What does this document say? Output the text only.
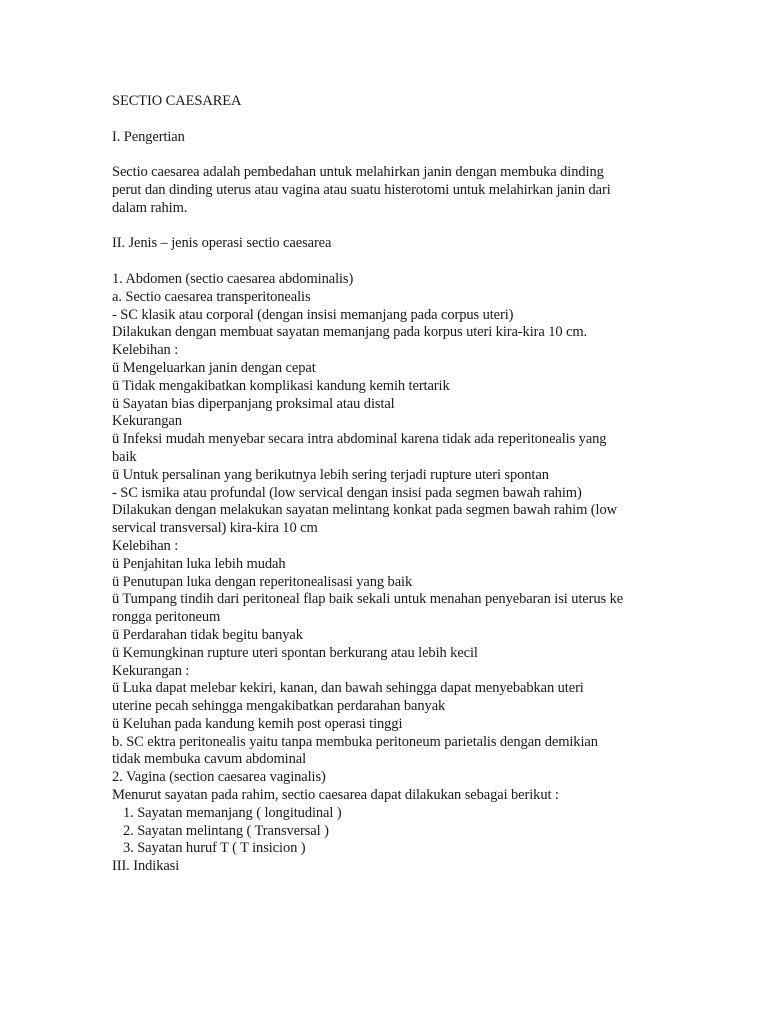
SECTIO CAESAREA
I. Pengertian
Sectio caesarea adalah pembedahan untuk melahirkan janin dengan membuka dinding
perut dan dinding uterus atau vagina atau suatu histerotomi untuk melahirkan janin dari
dalam rahim.
II. Jenis – jenis operasi sectio caesarea
1. Abdomen (sectio caesarea abdominalis)
a. Sectio caesarea transperitonealis
- SC klasik atau corporal (dengan insisi memanjang pada corpus uteri)
Dilakukan dengan membuat sayatan memanjang pada korpus uteri kira-kira 10 cm.
Kelebihan :
ü Mengeluarkan janin dengan cepat
ü Tidak mengakibatkan komplikasi kandung kemih tertarik
ü Sayatan bias diperpanjang proksimal atau distal
Kekurangan
ü Infeksi mudah menyebar secara intra abdominal karena tidak ada reperitonealis yang
baik
ü Untuk persalinan yang berikutnya lebih sering terjadi rupture uteri spontan
- SC ismika atau profundal (low servical dengan insisi pada segmen bawah rahim)
Dilakukan dengan melakukan sayatan melintang konkat pada segmen bawah rahim (low
servical transversal) kira-kira 10 cm
Kelebihan :
ü Penjahitan luka lebih mudah
ü Penutupan luka dengan reperitonealisasi yang baik
ü Tumpang tindih dari peritoneal flap baik sekali untuk menahan penyebaran isi uterus ke
rongga peritoneum
ü Perdarahan tidak begitu banyak
ü Kemungkinan rupture uteri spontan berkurang atau lebih kecil
Kekurangan :
ü Luka dapat melebar kekiri, kanan, dan bawah sehingga dapat menyebabkan uteri
uterine pecah sehingga mengakibatkan perdarahan banyak
ü Keluhan pada kandung kemih post operasi tinggi
b. SC ektra peritonealis yaitu tanpa membuka peritoneum parietalis dengan demikian
tidak membuka cavum abdominal
2. Vagina (section caesarea vaginalis)
Menurut sayatan pada rahim, sectio caesarea dapat dilakukan sebagai berikut :
1. Sayatan memanjang ( longitudinal )
2. Sayatan melintang ( Transversal )
3. Sayatan huruf T ( T insicion )
III. Indikasi
